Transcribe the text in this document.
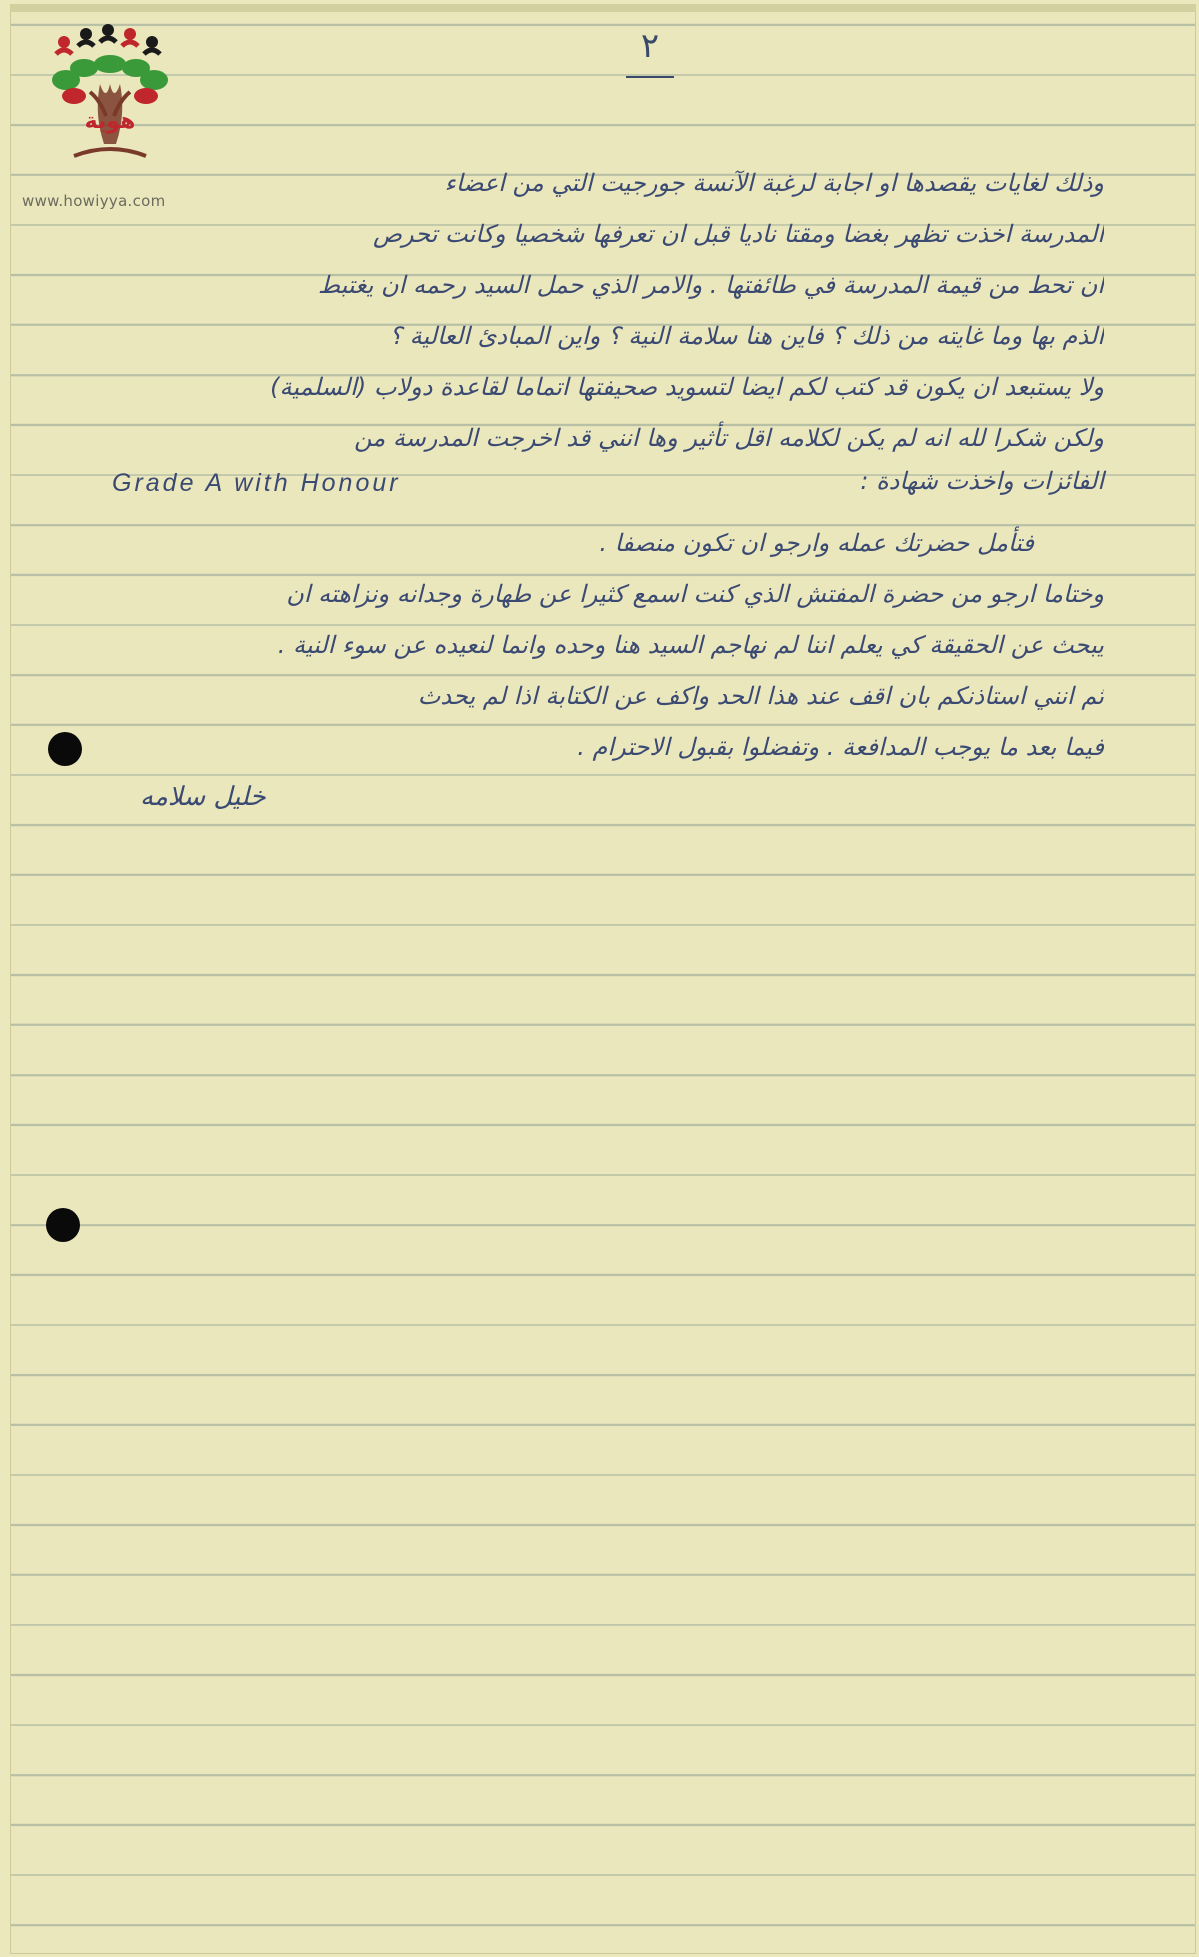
هوية
www.howiyya.com
٢
وذلك لغايات يقصدها او اجابة لرغبة الآنسة جورجيت التي من اعضاء
المدرسة اخذت تظهر بغضا ومقتا ناديا قبل ان تعرفها شخصيا وكانت تحرص
ان تحط من قيمة المدرسة في طائفتها . والامر الذي حمل السيد رحمه ان يغتبط
الذم بها وما غايته من ذلك ؟ فاين هنا سلامة النية ؟ واين المبادئ العالية ؟
ولا يستبعد ان يكون قد كتب لكم ايضا لتسويد صحيفتها اتماما لقاعدة دولاب (السلمية)
ولكن شكرا لله انه لم يكن لكلامه اقل تأثير وها انني قد اخرجت المدرسة من
Grade A with Honour	الفائزات واخذت شهادة :
فتأمل حضرتك عمله وارجو ان تكون منصفا .
وختاما ارجو من حضرة المفتش الذي كنت اسمع كثيرا عن طهارة وجدانه ونزاهته ان
يبحث عن الحقيقة كي يعلم اننا لم نهاجم السيد هنا وحده وانما لنعيده عن سوء النية .
ثم انني استاذنكم بان اقف عند هذا الحد واكف عن الكتابة اذا لم يحدث
فيما بعد ما يوجب المدافعة . وتفضلوا بقبول الاحترام .
خليل سلامه
